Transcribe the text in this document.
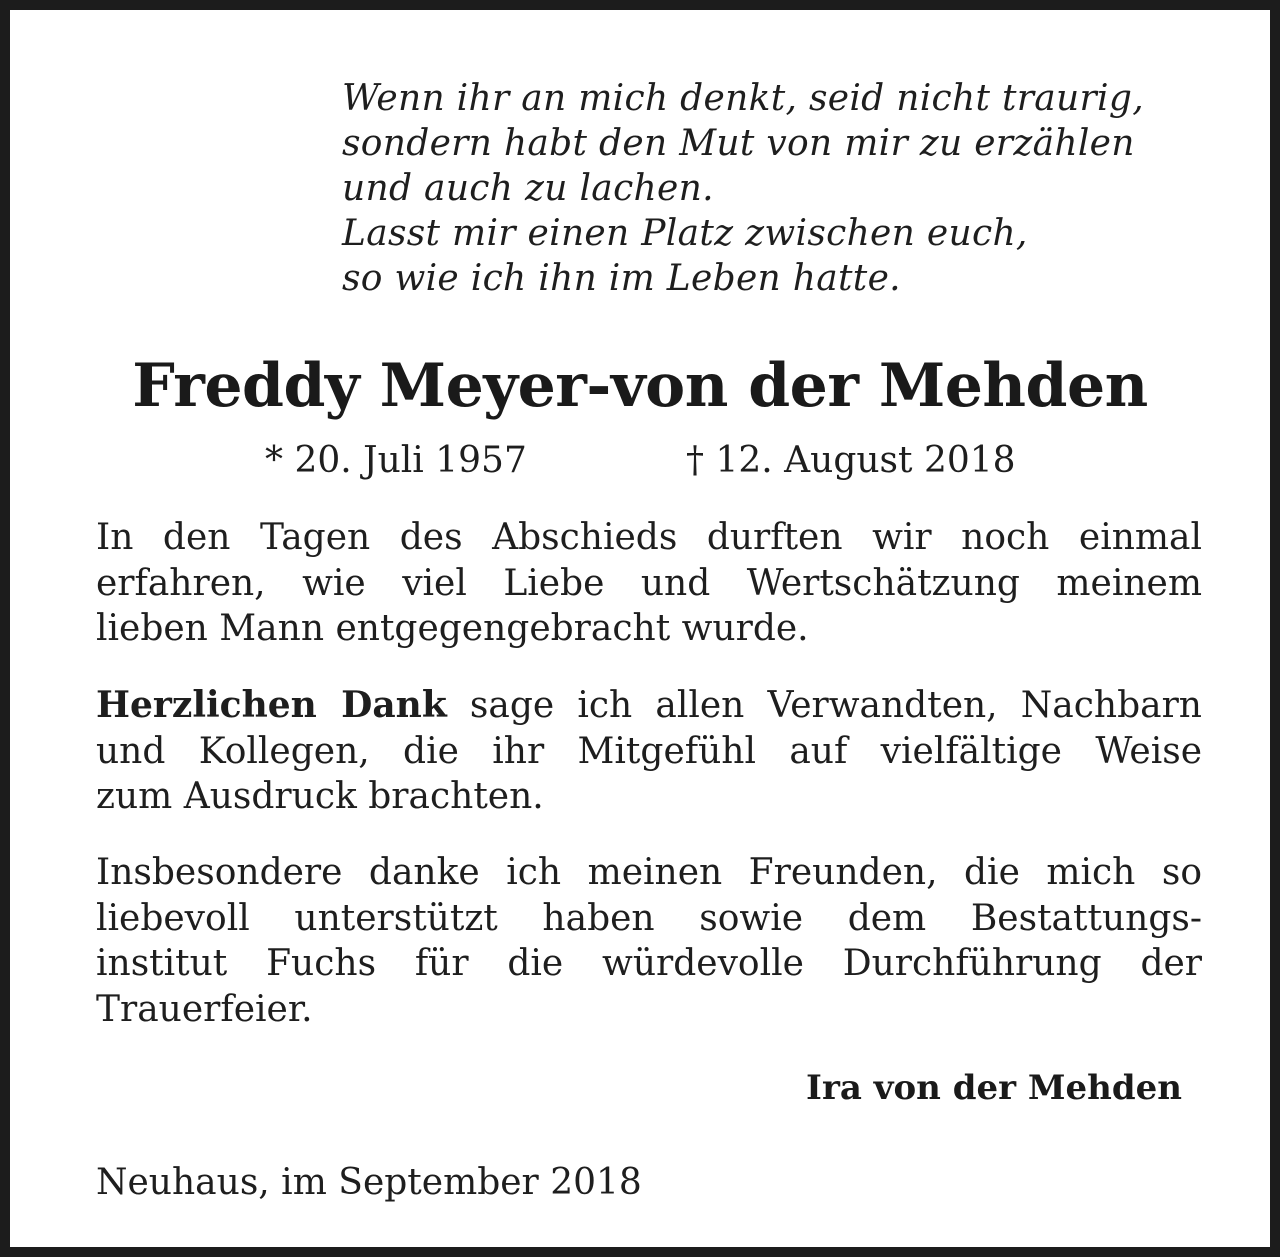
Wenn ihr an mich denkt, seid nicht traurig,
sondern habt den Mut von mir zu erzählen
und auch zu lachen.
Lasst mir einen Platz zwischen euch,
so wie ich ihn im Leben hatte.
Freddy Meyer-von der Mehden
* 20. Juli 1957	† 12. August 2018
In den Tagen des Abschieds durften wir noch einmal
erfahren, wie viel Liebe und Wertschätzung meinem
lieben Mann entgegengebracht wurde.
Herzlichen Dank sage ich allen Verwandten, Nachbarn
und Kollegen, die ihr Mitgefühl auf vielfältige Weise
zum Ausdruck brachten.
Insbesondere danke ich meinen Freunden, die mich so
liebevoll unterstützt haben sowie dem Bestattungs-
institut Fuchs für die würdevolle Durchführung der
Trauerfeier.
Ira von der Mehden
Neuhaus, im September 2018
